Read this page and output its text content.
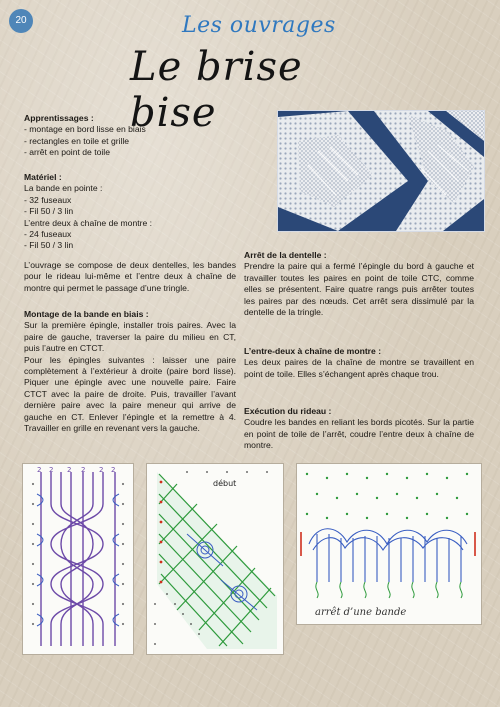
20	Les ouvrages
Le brise bise
Apprentissages :
- montage en bord lisse en biais
- rectangles en toile et grille
- arrêt en point de toile
Matériel :
La bande en pointe :
- 32 fuseaux
- Fil 50 / 3 lin
L’entre deux à chaîne de montre :
- 24 fuseaux
- Fil 50 / 3 lin
L’ouvrage se compose de deux dentelles, les bandes pour le rideau lui-même et l’entre deux à chaîne de montre qui permet le passage d’une tringle.
Montage de la bande en biais :
Sur la première épingle, installer trois paires. Avec la paire de gauche, traverser la paire du milieu en CT, puis l’autre en CTCT.
Pour les épingles suivantes : laisser une paire complètement à l’extérieur à droite (paire bord lisse). Piquer une épingle avec une nouvelle paire. Faire CTCT avec la paire de droite. Puis, travailler l’avant dernière paire avec la paire meneur qui arrive de gauche en CT. Enlever l’épingle et la remettre à 4. Travailler en grille en revenant vers la gauche.
Arrêt de la dentelle :
Prendre la paire qui a fermé l’épingle du bord à gauche et travailler toutes les paires en point de toile CTC, comme elles se présentent. Faire quatre rangs puis arrêter toutes les paires par des nœuds. Cet arrêt sera dissimulé par la dentelle de la tringle.
L’entre-deux à chaîne de montre :
Les deux paires de la chaîne de montre se travaillent en point de toile. Elles s’échangent après chaque trou.
Exécution du rideau :
Coudre les bandes en reliant les bords picotés. Sur la partie en point de toile de l’arrêt, coudre l’entre deux à chaîne de montre.
2 2 2 2 2 2
début
arrêt d’une bande
